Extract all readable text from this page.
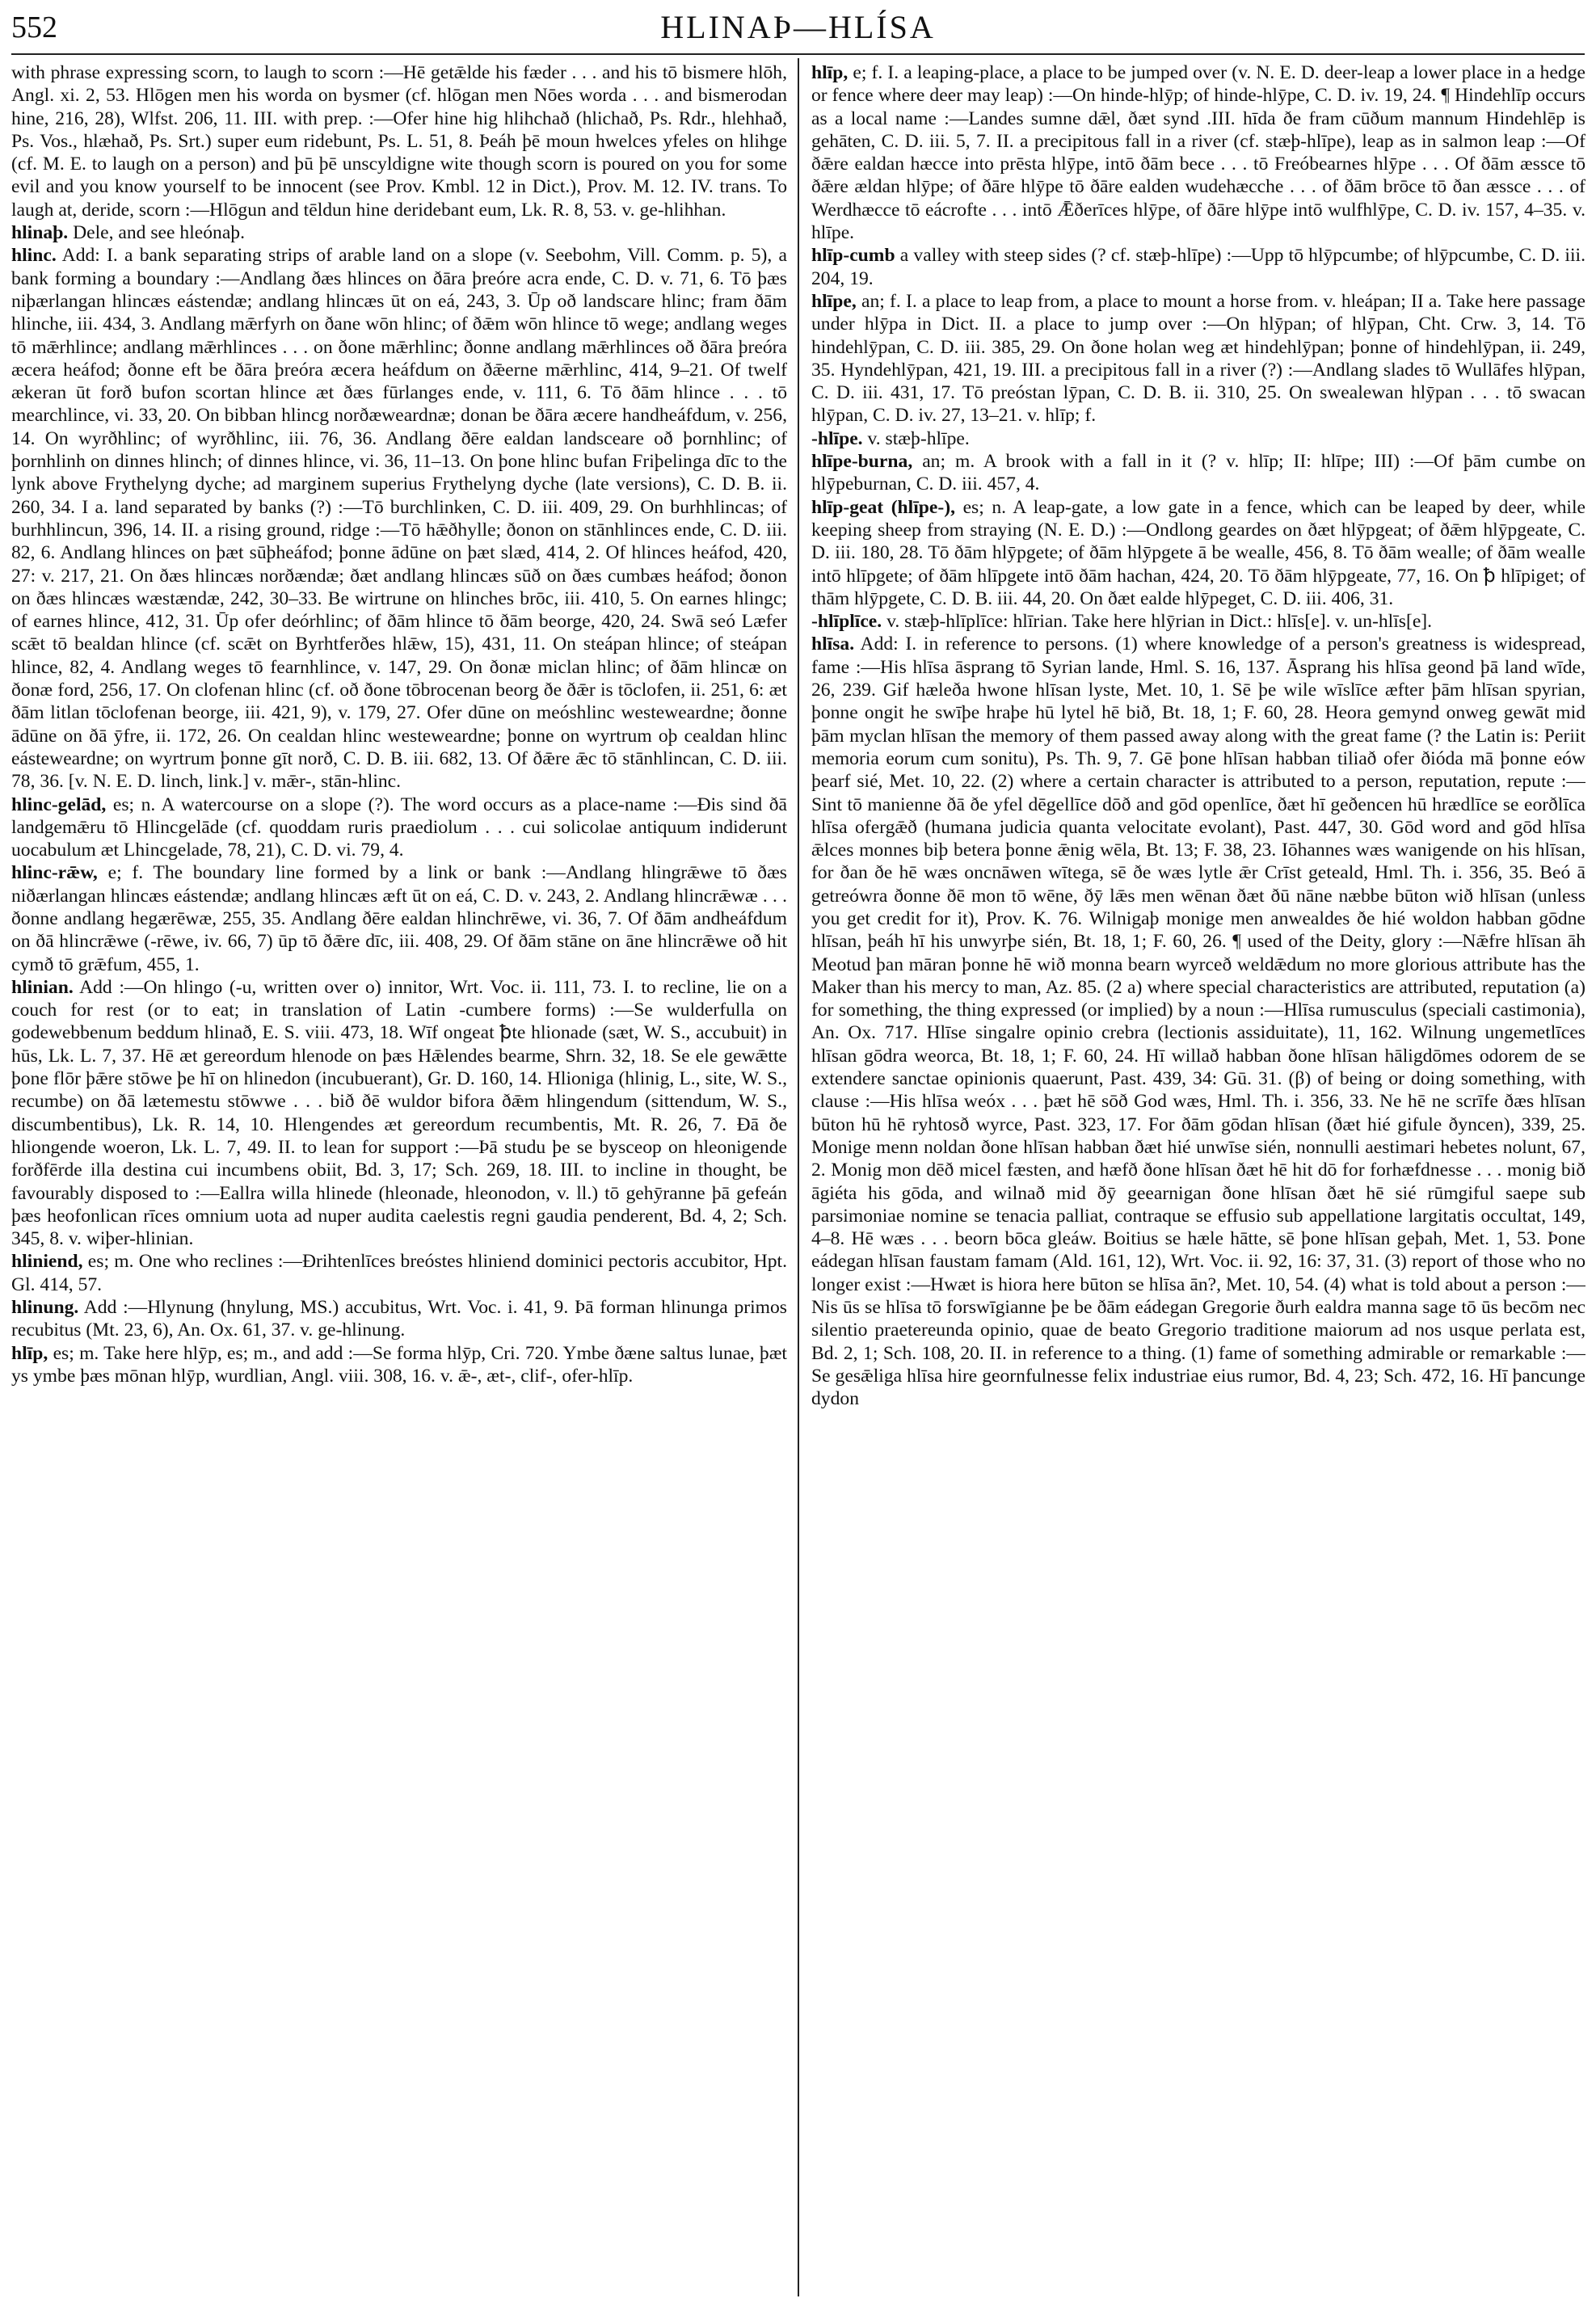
552	HLINAÞ—HLÍSA

with phrase expressing scorn, to laugh to scorn :—Hē getǣlde his fæder . . . and his tō bismere hlōh, Angl. xi. 2, 53. Hlōgen men his worda on bysmer (cf. hlōgan men Nōes worda . . . and bismerodan hine, 216, 28), Wlfst. 206, 11. III. with prep. :—Ofer hine hig hlihchað (hlichað, Ps. Rdr., hlehhað, Ps. Vos., hlæhað, Ps. Srt.) super eum ridebunt, Ps. L. 51, 8. Þeáh þē moun hwelces yfeles on hlihge (cf. M. E. to laugh on a person) and þū þē unscyldigne wite though scorn is poured on you for some evil and you know yourself to be innocent (see Prov. Kmbl. 12 in Dict.), Prov. M. 12. IV. trans. To laugh at, deride, scorn :—Hlōgun and tēldun hine deridebant eum, Lk. R. 8, 53. v. ge-hlihhan.

hlinaþ. Dele, and see hleónaþ.

hlinc. Add: I. a bank separating strips of arable land on a slope (v. Seebohm, Vill. Comm. p. 5), a bank forming a boundary :—Andlang ðæs hlinces on ðāra þreóre acra ende, C. D. v. 71, 6. Tō þæs niþærlangan hlincæs eástendæ; andlang hlincæs ūt on eá, 243, 3. Ūp oð landscare hlinc; fram ðām hlinche, iii. 434, 3. Andlang mǣrfyrh on ðane wōn hlinc; of ðǣm wōn hlince tō wege; andlang weges tō mǣrhlince; andlang mǣrhlinces . . . on ðone mǣrhlinc; ðonne andlang mǣrhlinces oð ðāra þreóra æcera heáfod; ðonne eft be ðāra þreóra æcera heáfdum on ðǣerne mǣrhlinc, 414, 9–21. Of twelf ækeran ūt forð bufon scortan hlince æt ðæs fūrlanges ende, v. 111, 6. Tō ðām hlince . . . tō mearchlince, vi. 33, 20. On bibban hlincg norðæweardnæ; donan be ðāra æcere handheáfdum, v. 256, 14. On wyrðhlinc; of wyrðhlinc, iii. 76, 36. Andlang ðēre ealdan landsceare oð þornhlinc; of þornhlinh on dinnes hlinch; of dinnes hlince, vi. 36, 11–13. On þone hlinc bufan Friþelinga dīc to the lynk above Frythelyng dyche; ad marginem superius Frythelyng dyche (late versions), C. D. B. ii. 260, 34. I a. land separated by banks (?) :—Tō burchlinken, C. D. iii. 409, 29. On burhhlincas; of burhhlincun, 396, 14. II. a rising ground, ridge :—Tō hǣðhylle; ðonon on stānhlinces ende, C. D. iii. 82, 6. Andlang hlinces on þæt sūþheáfod; þonne ādūne on þæt slæd, 414, 2. Of hlinces heáfod, 420, 27: v. 217, 21. On ðæs hlincæs norðændæ; ðæt andlang hlincæs sūð on ðæs cumbæs heáfod; ðonon on ðæs hlincæs wæstændæ, 242, 30–33. Be wirtrune on hlinches brōc, iii. 410, 5. On earnes hlingc; of earnes hlince, 412, 31. Ūp ofer deórhlinc; of ðām hlince tō ðām beorge, 420, 24. Swā seó Læfer scǣt tō bealdan hlince (cf. scǣt on Byrhtferðes hlǣw, 15), 431, 11. On steápan hlince; of steápan hlince, 82, 4. Andlang weges tō fearnhlince, v. 147, 29. On ðonæ miclan hlinc; of ðām hlincæ on ðonæ ford, 256, 17. On clofenan hlinc (cf. oð ðone tōbrocenan beorg ðe ðǣr is tōclofen, ii. 251, 6: æt ðām litlan tōclofenan beorge, iii. 421, 9), v. 179, 27. Ofer dūne on meóshlinc westeweardne; ðonne ādūne on ðā ȳfre, ii. 172, 26. On cealdan hlinc westeweardne; þonne on wyrtrum oþ cealdan hlinc eásteweardne; on wyrtrum þonne gīt norð, C. D. B. iii. 682, 13. Of ðǣre ǣc tō stānhlincan, C. D. iii. 78, 36. [v. N. E. D. linch, link.] v. mǣr-, stān-hlinc.

hlinc-gelād, es; n. A watercourse on a slope (?). The word occurs as a place-name :—Ðis sind ðā landgemǣru tō Hlincgelāde (cf. quoddam ruris praediolum . . . cui solicolae antiquum indiderunt uocabulum æt Lhincgelade, 78, 21), C. D. vi. 79, 4.

hlinc-rǣw, e; f. The boundary line formed by a link or bank :—Andlang hlingrǣwe tō ðæs niðærlangan hlincæs eástendæ; andlang hlincæs æft ūt on eá, C. D. v. 243, 2. Andlang hlincrǣwæ . . . ðonne andlang hegærēwæ, 255, 35. Andlang ðēre ealdan hlinchrēwe, vi. 36, 7. Of ðām andheáfdum on ðā hlincrǣwe (-rēwe, iv. 66, 7) ūp tō ðǣre dīc, iii. 408, 29. Of ðām stāne on āne hlincrǣwe oð hit cymð tō grǣfum, 455, 1.

hlinian. Add :—On hlingo (-u, written over o) innitor, Wrt. Voc. ii. 111, 73. I. to recline, lie on a couch for rest (or to eat; in translation of Latin -cumbere forms) :—Se wulderfulla on godewebbenum beddum hlinað, E. S. viii. 473, 18. Wīf ongeat ꝥte hlionade (sæt, W. S., accubuit) in hūs, Lk. L. 7, 37. Hē æt gereordum hlenode on þæs Hǣlendes bearme, Shrn. 32, 18. Se ele gewǣtte þone flōr þǣre stōwe þe hī on hlinedon (incubuerant), Gr. D. 160, 14. Hlioniga (hlinig, L., site, W. S., recumbe) on ðā lætemestu stōwwe . . . bið ðē wuldor bifora ðǣm hlingendum (sittendum, W. S., discumbentibus), Lk. R. 14, 10. Hlengendes æt gereordum recumbentis, Mt. R. 26, 7. Ðā ðe hliongende woeron, Lk. L. 7, 49. II. to lean for support :—Þā studu þe se bysceop on hleonigende forðfērde illa destina cui incumbens obiit, Bd. 3, 17; Sch. 269, 18. III. to incline in thought, be favourably disposed to :—Eallra willa hlinede (hleonade, hleonodon, v. ll.) tō gehȳranne þā gefeán þæs heofonlican rīces omnium uota ad nuper audita caelestis regni gaudia penderent, Bd. 4, 2; Sch. 345, 8. v. wiþer-hlinian.

hliniend, es; m. One who reclines :—Ðrihtenlīces breóstes hliniend dominici pectoris accubitor, Hpt. Gl. 414, 57.

hlinung. Add :—Hlynung (hnylung, MS.) accubitus, Wrt. Voc. i. 41, 9. Þā forman hlinunga primos recubitus (Mt. 23, 6), An. Ox. 61, 37. v. ge-hlinung.

hlīp, es; m. Take here hlȳp, es; m., and add :—Se forma hlȳp, Cri. 720. Ymbe ðæne saltus lunae, þæt ys ymbe þæs mōnan hlȳp, wurdlian, Angl. viii. 308, 16. v. ǣ-, æt-, clif-, ofer-hlīp.

hlīp, e; f. I. a leaping-place, a place to be jumped over (v. N. E. D. deer-leap a lower place in a hedge or fence where deer may leap) :—On hinde-hlȳp; of hinde-hlȳpe, C. D. iv. 19, 24. ¶ Hindehlīp occurs as a local name :—Landes sumne dǣl, ðæt synd .III. hīda ðe fram cūðum mannum Hindehlēp is gehāten, C. D. iii. 5, 7. II. a precipitous fall in a river (cf. stæþ-hlīpe), leap as in salmon leap :—Of ðǣre ealdan hæcce into prēsta hlȳpe, intō ðām bece . . . tō Freóbearnes hlȳpe . . . Of ðām æssce tō ðǣre ældan hlȳpe; of ðāre hlȳpe tō ðāre ealden wudehæcche . . . of ðām brōce tō ðan æssce . . . of Werdhæcce tō eácrofte . . . intō Ǣðerīces hlȳpe, of ðāre hlȳpe intō wulfhlȳpe, C. D. iv. 157, 4–35. v. hlīpe.

hlīp-cumb a valley with steep sides (? cf. stæþ-hlīpe) :—Upp tō hlȳpcumbe; of hlȳpcumbe, C. D. iii. 204, 19.

hlīpe, an; f. I. a place to leap from, a place to mount a horse from. v. hleápan; II a. Take here passage under hlȳpa in Dict. II. a place to jump over :—On hlȳpan; of hlȳpan, Cht. Crw. 3, 14. Tō hindehlȳpan, C. D. iii. 385, 29. On ðone holan weg æt hindehlȳpan; þonne of hindehlȳpan, ii. 249, 35. Hyndehlȳpan, 421, 19. III. a precipitous fall in a river (?) :—Andlang slades tō Wullāfes hlȳpan, C. D. iii. 431, 17. Tō preóstan lȳpan, C. D. B. ii. 310, 25. On swealewan hlȳpan . . . tō swacan hlȳpan, C. D. iv. 27, 13–21. v. hlīp; f.

-hlīpe. v. stæþ-hlīpe.

hlīpe-burna, an; m. A brook with a fall in it (? v. hlīp; II: hlīpe; III) :—Of þām cumbe on hlȳpeburnan, C. D. iii. 457, 4.

hlīp-geat (hlīpe-), es; n. A leap-gate, a low gate in a fence, which can be leaped by deer, while keeping sheep from straying (N. E. D.) :—Ondlong geardes on ðæt hlȳpgeat; of ðǣm hlȳpgeate, C. D. iii. 180, 28. Tō ðām hlȳpgete; of ðām hlȳpgete ā be wealle, 456, 8. Tō ðām wealle; of ðām wealle intō hlīpgete; of ðām hlīpgete intō ðām hachan, 424, 20. Tō ðām hlȳpgeate, 77, 16. On ꝥ hlīpiget; of thām hlȳpgete, C. D. B. iii. 44, 20. On ðæt ealde hlȳpeget, C. D. iii. 406, 31.

-hlīplīce. v. stæþ-hlīplīce: hlīrian. Take here hlȳrian in Dict.: hlīs[e]. v. un-hlīs[e].

hlīsa. Add: I. in reference to persons. (1) where knowledge of a person's greatness is widespread, fame :—His hlīsa āsprang tō Syrian lande, Hml. S. 16, 137. Āsprang his hlīsa geond þā land wīde, 26, 239. Gif hæleða hwone hlīsan lyste, Met. 10, 1. Sē þe wile wīslīce æfter þām hlīsan spyrian, þonne ongit he swīþe hraþe hū lytel hē bið, Bt. 18, 1; F. 60, 28. Heora gemynd onweg gewāt mid þām myclan hlīsan the memory of them passed away along with the great fame (? the Latin is: Periit memoria eorum cum sonitu), Ps. Th. 9, 7. Gē þone hlīsan habban tiliað ofer ðióda mā þonne eów þearf sié, Met. 10, 22. (2) where a certain character is attributed to a person, reputation, repute :—Sint tō manienne ðā ðe yfel dēgellīce dōð and gōd openlīce, ðæt hī geðencen hū hrædlīce se eorðlīca hlīsa ofergǣð (humana judicia quanta velocitate evolant), Past. 447, 30. Gōd word and gōd hlīsa ǣlces monnes biþ betera þonne ǣnig wēla, Bt. 13; F. 38, 23. Iōhannes wæs wanigende on his hlīsan, for ðan ðe hē wæs oncnāwen wītega, sē ðe wæs lytle ǣr Crīst geteald, Hml. Th. i. 356, 35. Beó ā getreówra ðonne ðē mon tō wēne, ðȳ lǣs men wēnan ðæt ðū nāne næbbe būton wið hlīsan (unless you get credit for it), Prov. K. 76. Wilnigaþ monige men anwealdes ðe hié woldon habban gōdne hlīsan, þeáh hī his unwyrþe sién, Bt. 18, 1; F. 60, 26. ¶ used of the Deity, glory :—Nǣfre hlīsan āh Meotud þan māran þonne hē wið monna bearn wyrceð weldǣdum no more glorious attribute has the Maker than his mercy to man, Az. 85. (2 a) where special characteristics are attributed, reputation (a) for something, the thing expressed (or implied) by a noun :—Hlīsa rumusculus (speciali castimonia), An. Ox. 717. Hlīse singalre opinio crebra (lectionis assiduitate), 11, 162. Wilnung ungemetlīces hlīsan gōdra weorca, Bt. 18, 1; F. 60, 24. Hī willað habban ðone hlīsan hāligdōmes odorem de se extendere sanctae opinionis quaerunt, Past. 439, 34: Gū. 31. (β) of being or doing something, with clause :—His hlīsa weóx . . . þæt hē sōð God wæs, Hml. Th. i. 356, 33. Ne hē ne scrīfe ðæs hlīsan būton hū hē ryhtosð wyrce, Past. 323, 17. For ðām gōdan hlīsan (ðæt hié gifule ðyncen), 339, 25. Monige menn noldan ðone hlīsan habban ðæt hié unwīse sién, nonnulli aestimari hebetes nolunt, 67, 2. Monig mon dēð micel fæsten, and hæfð ðone hlīsan ðæt hē hit dō for forhæfdnesse . . . monig bið āgiéta his gōda, and wilnað mid ðȳ geearnigan ðone hlīsan ðæt hē sié rūmgiful saepe sub parsimoniae nomine se tenacia palliat, contraque se effusio sub appellatione largitatis occultat, 149, 4–8. Hē wæs . . . beorn bōca gleáw. Boitius se hæle hātte, sē þone hlīsan geþah, Met. 1, 53. Þone eádegan hlīsan faustam famam (Ald. 161, 12), Wrt. Voc. ii. 92, 16: 37, 31. (3) report of those who no longer exist :—Hwæt is hiora here būton se hlīsa ān?, Met. 10, 54. (4) what is told about a person :—Nis ūs se hlīsa tō forswīgianne þe be ðām eádegan Gregorie ðurh ealdra manna sage tō ūs becōm nec silentio praetereunda opinio, quae de beato Gregorio traditione maiorum ad nos usque perlata est, Bd. 2, 1; Sch. 108, 20. II. in reference to a thing. (1) fame of something admirable or remarkable :—Se gesǣliga hlīsa hire geornfulnesse felix industriae eius rumor, Bd. 4, 23; Sch. 472, 16. Hī þancunge dydon
